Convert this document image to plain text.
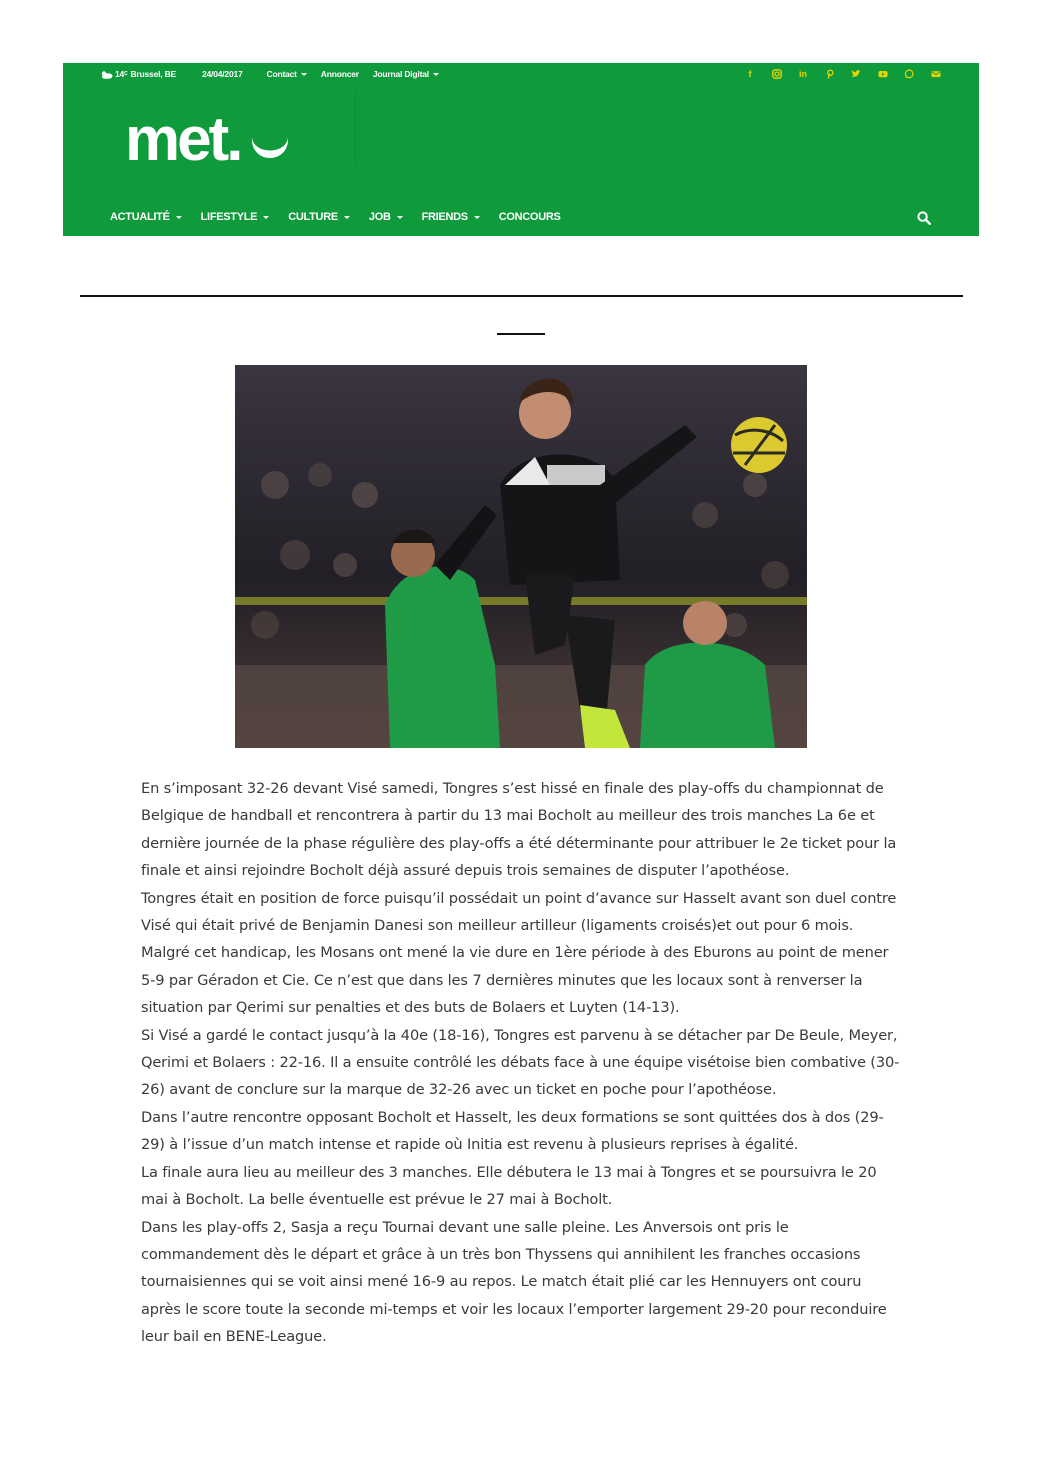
14 C Brussel, BE	24/04/2017	Contact	Annoncer Journal Digital	f	in
met.
ACTUALITÉ	LIFESTYLE	CULTURE	JOB	FRIENDS	CONCOURS

En s’imposant 32-26 devant Visé samedi, Tongres s’est hissé en finale des play-offs du championnat de Belgique de handball et rencontrera à partir du 13 mai Bocholt au meilleur des trois manches La 6e et dernière journée de la phase régulière des play-offs a été déterminante pour attribuer le 2e ticket pour la finale et ainsi rejoindre Bocholt déjà assuré depuis trois semaines de disputer l’apothéose.

Tongres était en position de force puisqu’il possédait un point d’avance sur Hasselt avant son duel contre Visé qui était privé de Benjamin Danesi son meilleur artilleur (ligaments croisés)et out pour 6 mois. Malgré cet handicap, les Mosans ont mené la vie dure en 1ère période à des Eburons au point de mener 5-9 par Géradon et Cie. Ce n’est que dans les 7 dernières minutes que les locaux sont à renverser la situation par Qerimi sur penalties et des buts de Bolaers et Luyten (14-13).

Si Visé a gardé le contact jusqu’à la 40e (18-16), Tongres est parvenu à se détacher par De Beule, Meyer, Qerimi et Bolaers : 22-16. Il a ensuite contrôlé les débats face à une équipe visétoise bien combative (30-26) avant de conclure sur la marque de 32-26 avec un ticket en poche pour l’apothéose.

Dans l’autre rencontre opposant Bocholt et Hasselt, les deux formations se sont quittées dos à dos (29-29) à l’issue d’un match intense et rapide où Initia est revenu à plusieurs reprises à égalité.

La finale aura lieu au meilleur des 3 manches. Elle débutera le 13 mai à Tongres et se poursuivra le 20 mai à Bocholt. La belle éventuelle est prévue le 27 mai à Bocholt.

Dans les play-offs 2, Sasja a reçu Tournai devant une salle pleine. Les Anversois ont pris le commandement dès le départ et grâce à un très bon Thyssens qui annihilent les franches occasions tournaisiennes qui se voit ainsi mené 16-9 au repos. Le match était plié car les Hennuyers ont couru après le score toute la seconde mi-temps et voir les locaux l’emporter largement 29-20 pour reconduire leur bail en BENE-League.
